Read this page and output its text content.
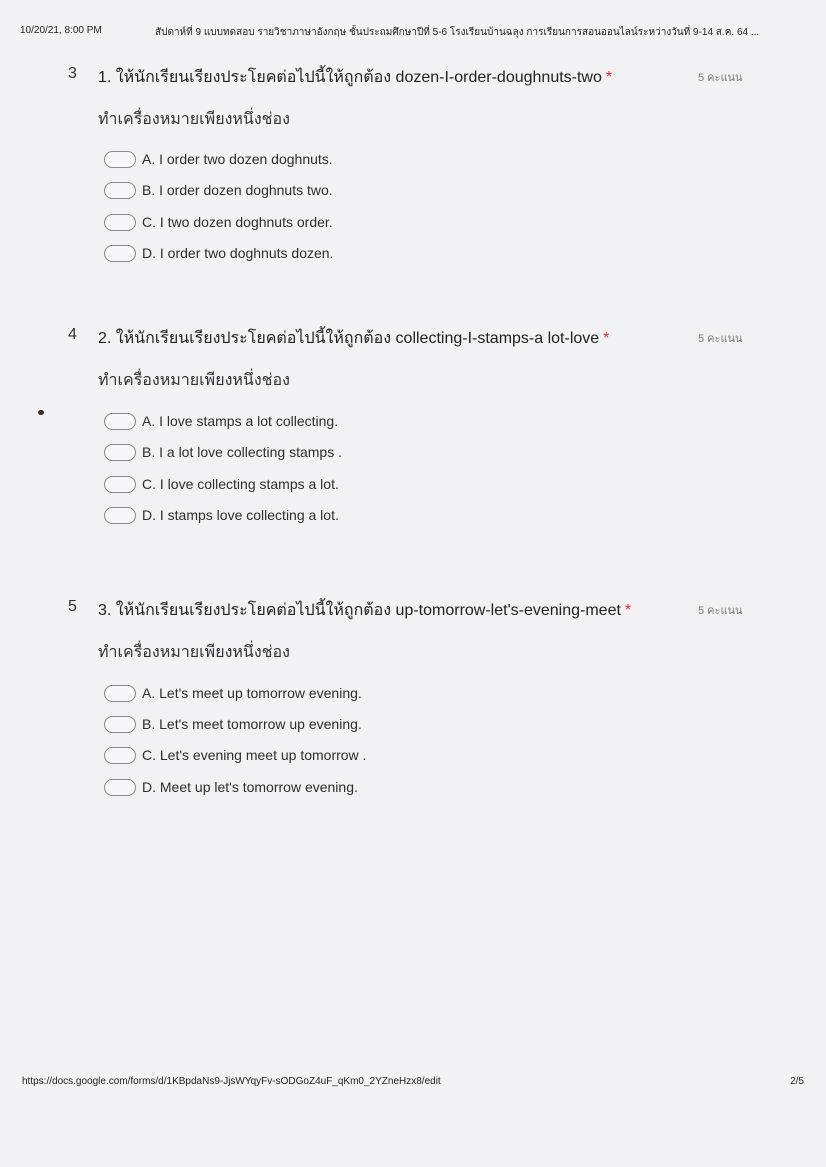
10/20/21, 8:00 PM	สัปดาห์ที่ 9 แบบทดสอบ รายวิชาภาษาอังกฤษ ชั้นประถมศึกษาปีที่ 5-6 โรงเรียนบ้านฉลุง การเรียนการสอนออนไลน์ระหว่างวันที่ 9-14 ส.ค. 64 ...
3 1. ให้นักเรียนเรียงประโยคต่อไปนี้ให้ถูกต้อง dozen-I-order-doughnuts-two *	5 คะแนน
ทำเครื่องหมายเพียงหนึ่งช่อง
A. I order two dozen doghnuts.
B. I order dozen doghnuts two.
C. I two dozen doghnuts order.
D. I order two doghnuts dozen.
4 2. ให้นักเรียนเรียงประโยคต่อไปนี้ให้ถูกต้อง collecting-I-stamps-a lot-love *	5 คะแนน
ทำเครื่องหมายเพียงหนึ่งช่อง
A. I love stamps a lot collecting.
B. I a lot love collecting stamps .
C. I love collecting stamps a lot.
D. I stamps love collecting a lot.
5 3. ให้นักเรียนเรียงประโยคต่อไปนี้ให้ถูกต้อง up-tomorrow-let's-evening-meet *	5 คะแนน
ทำเครื่องหมายเพียงหนึ่งช่อง
A. Let's meet up tomorrow evening.
B. Let's meet tomorrow up evening.
C. Let's evening meet up tomorrow .
D. Meet up let's tomorrow evening.
https://docs.google.com/forms/d/1KBpdaNs9-JjsWYqyFv-sODGoZ4uF_qKm0_2YZneHzx8/edit	2/5
